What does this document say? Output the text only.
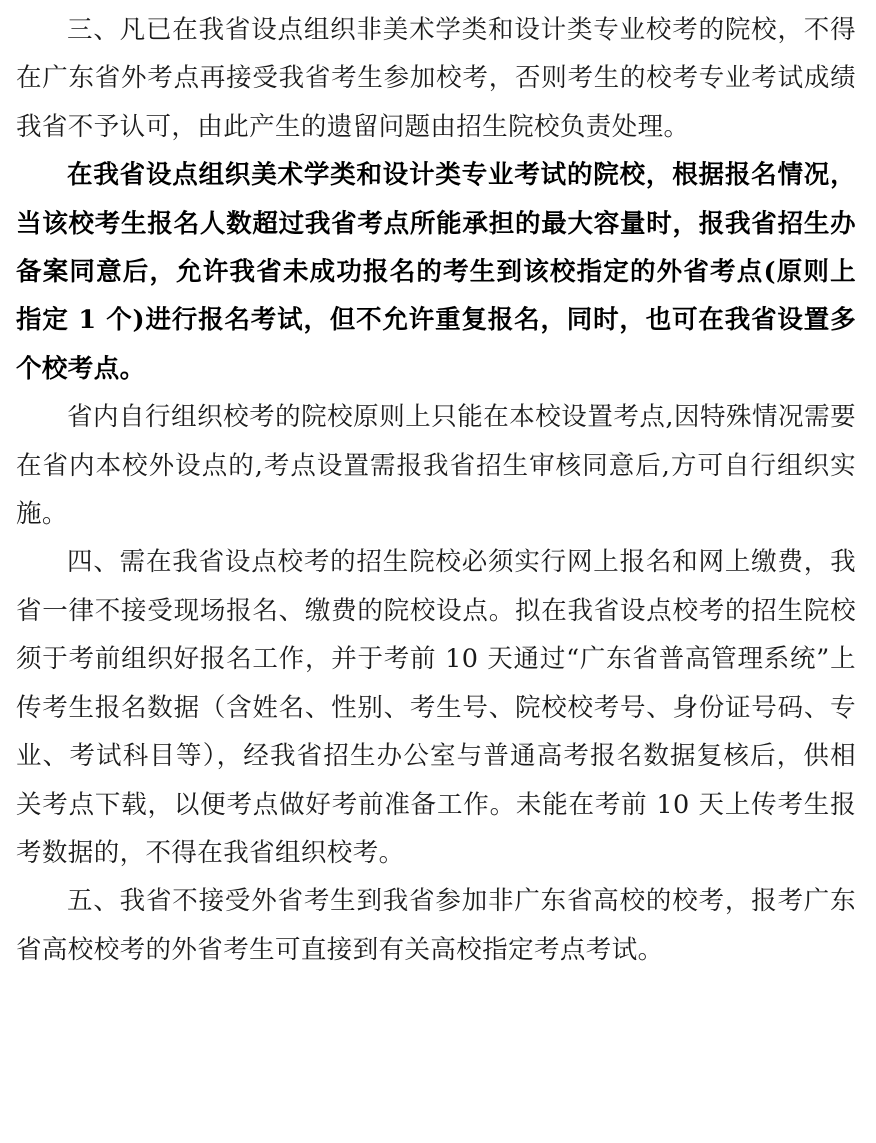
三、凡已在我省设点组织非美术学类和设计类专业校考的院校，不得在广东省外考点再接受我省考生参加校考，否则考生的校考专业考试成绩我省不予认可，由此产生的遗留问题由招生院校负责处理。

在我省设点组织美术学类和设计类专业考试的院校，根据报名情况，当该校考生报名人数超过我省考点所能承担的最大容量时，报我省招生办备案同意后，允许我省未成功报名的考生到该校指定的外省考点(原则上指定 1 个)进行报名考试，但不允许重复报名，同时，也可在我省设置多个校考点。

省内自行组织校考的院校原则上只能在本校设置考点,因特殊情况需要在省内本校外设点的,考点设置需报我省招生审核同意后,方可自行组织实施。

四、需在我省设点校考的招生院校必须实行网上报名和网上缴费，我省一律不接受现场报名、缴费的院校设点。拟在我省设点校考的招生院校须于考前组织好报名工作，并于考前 10 天通过“广东省普高管理系统”上传考生报名数据（含姓名、性别、考生号、院校校考号、身份证号码、专业、考试科目等），经我省招生办公室与普通高考报名数据复核后，供相关考点下载，以便考点做好考前准备工作。未能在考前 10 天上传考生报考数据的，不得在我省组织校考。

五、我省不接受外省考生到我省参加非广东省高校的校考，报考广东省高校校考的外省考生可直接到有关高校指定考点考试。
